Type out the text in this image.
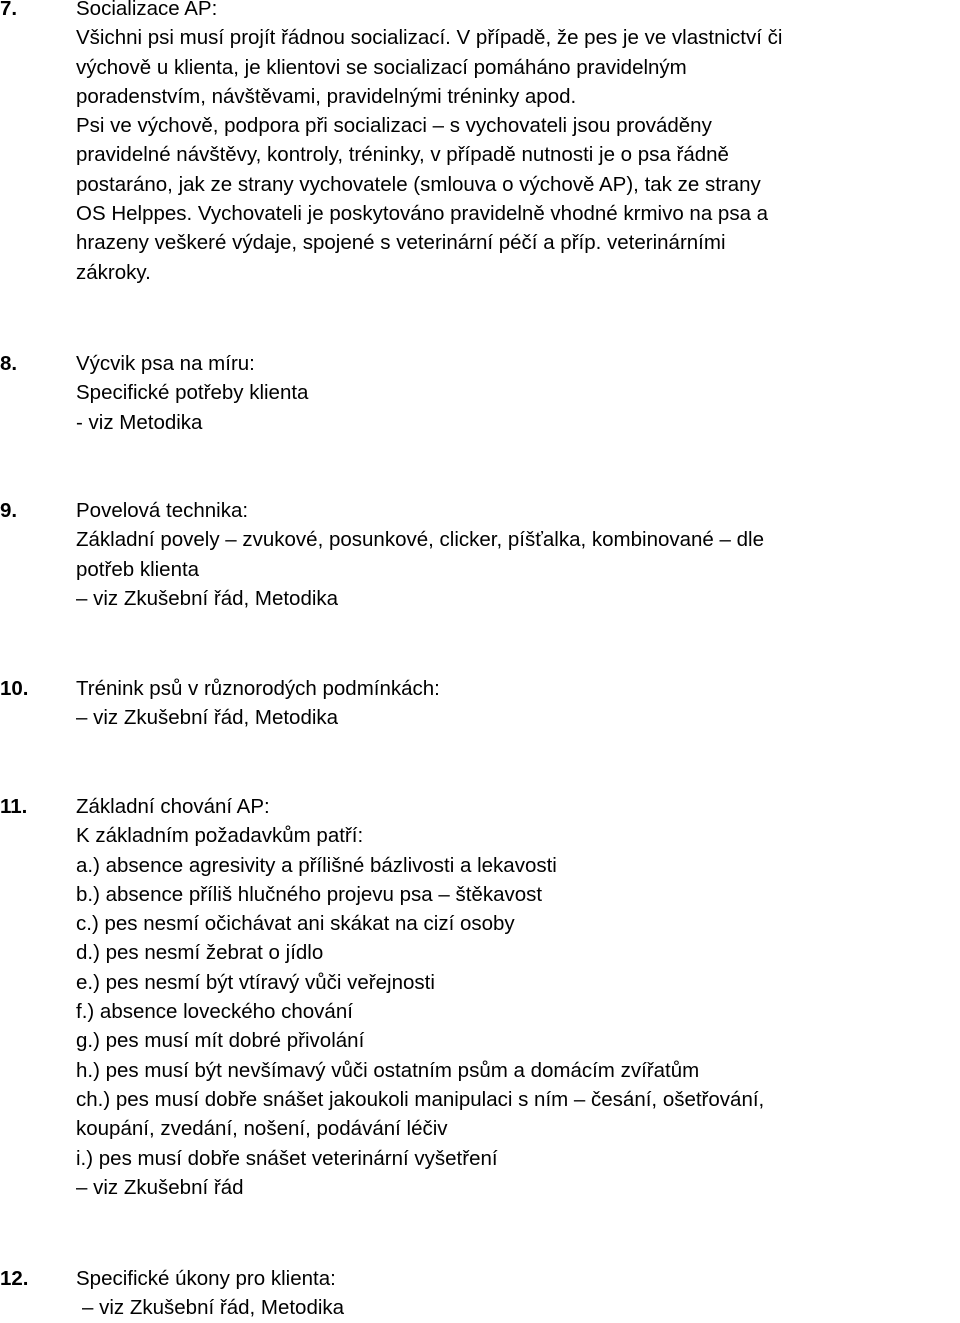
7.	Socializace AP:
Všichni psi musí projít řádnou socializací. V případě, že pes je ve vlastnictví či
výchově u klienta, je klientovi se socializací pomáháno pravidelným
poradenstvím, návštěvami, pravidelnými tréninky apod.
Psi ve výchově, podpora při socializaci – s vychovateli jsou prováděny
pravidelné návštěvy, kontroly, tréninky, v případě nutnosti je o psa řádně
postaráno, jak ze strany vychovatele (smlouva o výchově AP), tak ze strany
OS Helppes. Vychovateli je poskytováno pravidelně vhodné krmivo na psa a
hrazeny veškeré výdaje, spojené s veterinární péčí a příp. veterinárními
zákroky.
8.	Výcvik psa na míru:
Specifické potřeby klienta
- viz Metodika
9.	Povelová technika:
Základní povely – zvukové, posunkové, clicker, píšťalka, kombinované – dle
potřeb klienta
– viz Zkušební řád, Metodika
10. Trénink psů v různorodých podmínkách:
– viz Zkušební řád, Metodika
11. Základní chování AP:
K základním požadavkům patří:
a.) absence agresivity a přílišné bázlivosti a lekavosti
b.) absence příliš hlučného projevu psa – štěkavost
c.) pes nesmí očichávat ani skákat na cizí osoby
d.) pes nesmí žebrat o jídlo
e.) pes nesmí být vtíravý vůči veřejnosti
f.) absence loveckého chování
g.) pes musí mít dobré přivolání
h.) pes musí být nevšímavý vůči ostatním psům a domácím zvířatům
ch.) pes musí dobře snášet jakoukoli manipulaci s ním – česání, ošetřování,
koupání, zvedání, nošení, podávání léčiv
i.) pes musí dobře snášet veterinární vyšetření
– viz Zkušební řád
12. Specifické úkony pro klienta:
– viz Zkušební řád, Metodika
